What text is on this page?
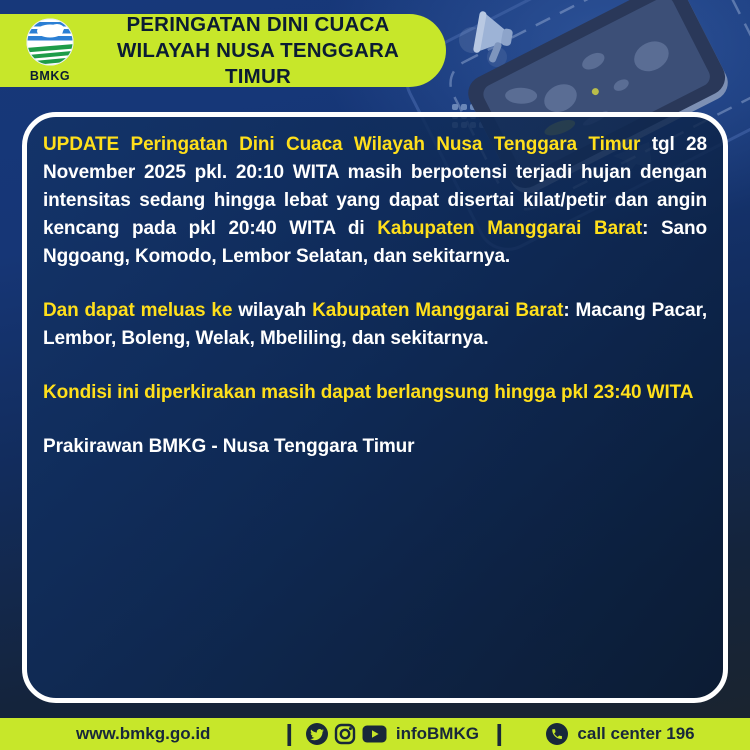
BMKG
PERINGATAN DINI CUACA
WILAYAH NUSA TENGGARA TIMUR

UPDATE Peringatan Dini Cuaca Wilayah Nusa Tenggara Timur tgl 28 November 2025 pkl. 20:10 WITA masih berpotensi terjadi hujan dengan intensitas sedang hingga lebat yang dapat disertai kilat/petir dan angin kencang pada pkl 20:40 WITA di Kabupaten Manggarai Barat: Sano Nggoang, Komodo, Lembor Selatan, dan sekitarnya.

Dan dapat meluas ke wilayah Kabupaten Manggarai Barat: Macang Pacar, Lembor, Boleng, Welak, Mbeliling, dan sekitarnya.

Kondisi ini diperkirakan masih dapat berlangsung hingga pkl 23:40 WITA

Prakirawan BMKG - Nusa Tenggara Timur

www.bmkg.go.id	|	infoBMKG |	call center 196
